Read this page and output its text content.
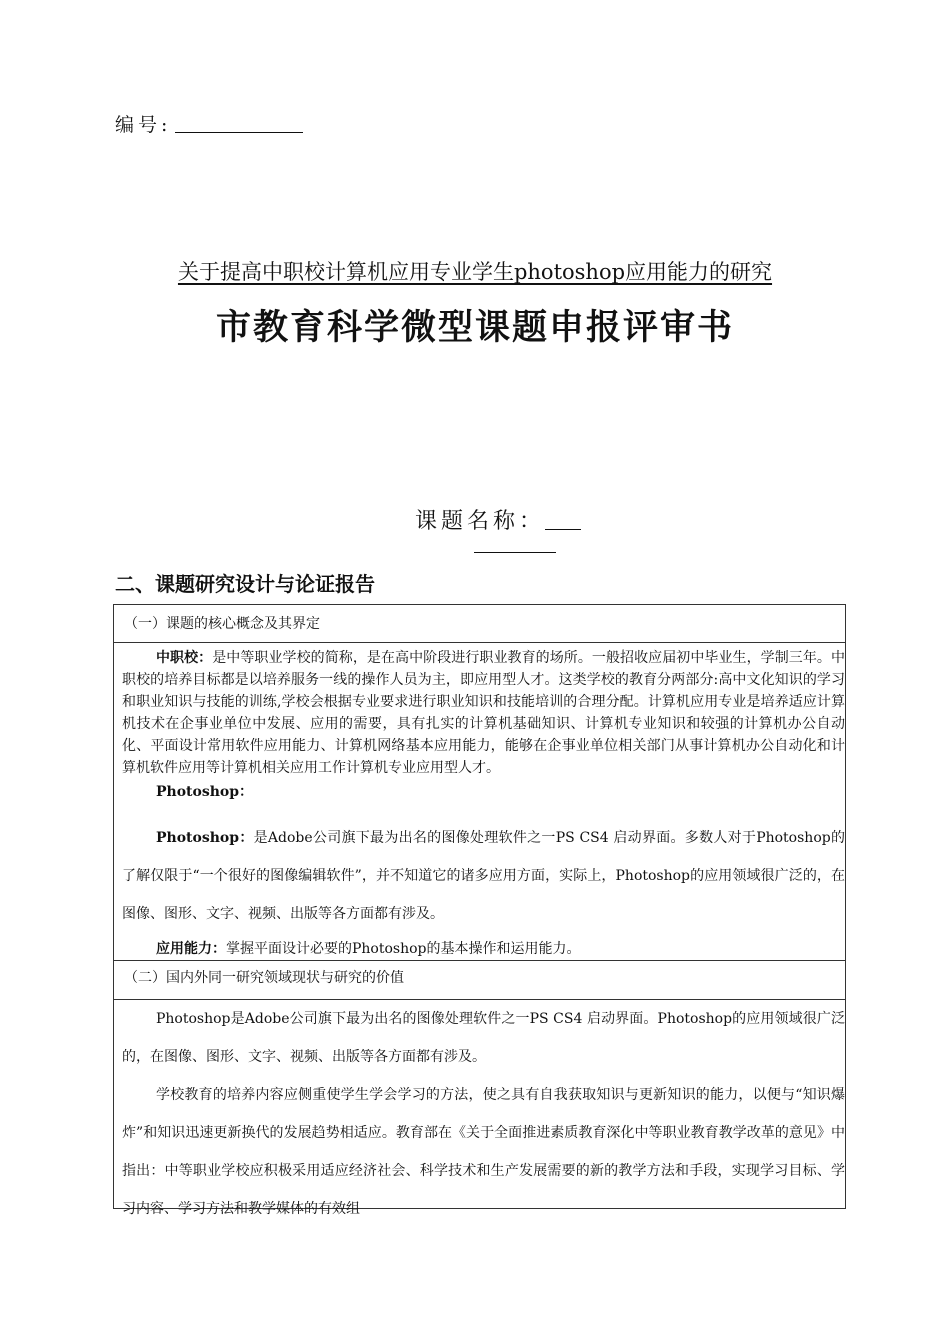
编号:
关于提高中职校计算机应用专业学生photoshop应用能力的研究
市教育科学微型课题申报评审书
课题名称：
二、课题研究设计与论证报告
（一）课题的核心概念及其界定

中职校：是中等职业学校的简称，是在高中阶段进行职业教育的场所。一般招收应届初中毕业生，学制三年。中职校的培养目标都是以培养服务一线的操作人员为主，即应用型人才。这类学校的教育分两部分:高中文化知识的学习和职业知识与技能的训练,学校会根据专业要求进行职业知识和技能培训的合理分配。计算机应用专业是培养适应计算机技术在企事业单位中发展、应用的需要，具有扎实的计算机基础知识、计算机专业知识和较强的计算机办公自动化、平面设计常用软件应用能力、计算机网络基本应用能力，能够在企事业单位相关部门从事计算机办公自动化和计算机软件应用等计算机相关应用工作计算机专业应用型人才。

Photoshop：

Photoshop：是Adobe公司旗下最为出名的图像处理软件之一PS CS4 启动界面。多数人对于Photoshop的了解仅限于“一个很好的图像编辑软件”，并不知道它的诸多应用方面，实际上，Photoshop的应用领域很广泛的，在图像、图形、文字、视频、出版等各方面都有涉及。

应用能力：掌握平面设计必要的Photoshop的基本操作和运用能力。

（二）国内外同一研究领域现状与研究的价值

Photoshop是Adobe公司旗下最为出名的图像处理软件之一PS CS4 启动界面。Photoshop的应用领域很广泛的，在图像、图形、文字、视频、出版等各方面都有涉及。

学校教育的培养内容应侧重使学生学会学习的方法，使之具有自我获取知识与更新知识的能力，以便与“知识爆炸”和知识迅速更新换代的发展趋势相适应。教育部在《关于全面推进素质教育深化中等职业教育教学改革的意见》中指出：中等职业学校应积极采用适应经济社会、科学技术和生产发展需要的新的教学方法和手段，实现学习目标、学习内容、学习方法和教学媒体的有效组
